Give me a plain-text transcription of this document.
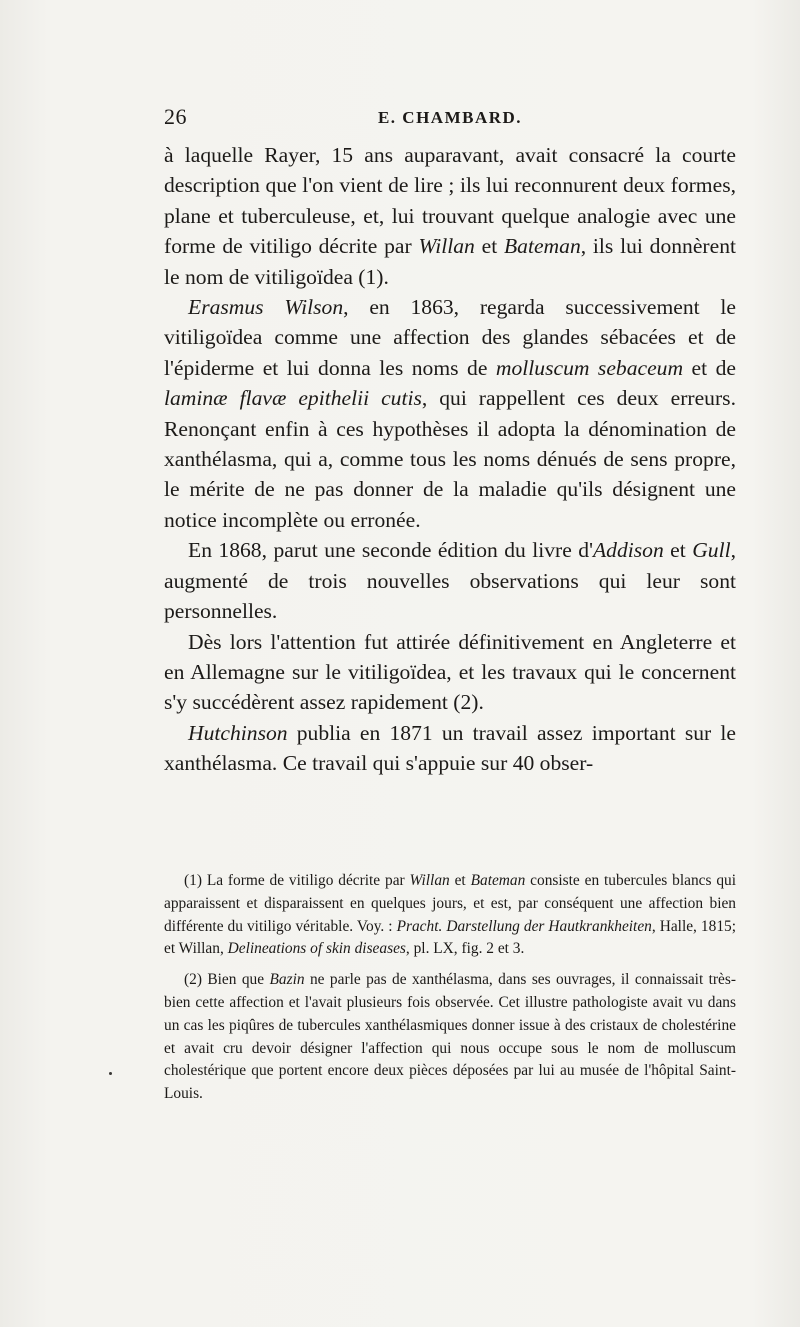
26	E. CHAMBARD.

à laquelle Rayer, 15 ans auparavant, avait consacré la courte description que l'on vient de lire ; ils lui reconnurent deux formes, plane et tuberculeuse, et, lui trouvant quelque analogie avec une forme de vitiligo décrite par Willan et Bateman, ils lui donnèrent le nom de vitiligoïdea (1).

Erasmus Wilson, en 1863, regarda successivement le vitiligoïdea comme une affection des glandes sébacées et de l'épiderme et lui donna les noms de molluscum sebaceum et de laminæ flavæ epithelii cutis, qui rappellent ces deux erreurs. Renonçant enfin à ces hypothèses il adopta la dénomination de xanthélasma, qui a, comme tous les noms dénués de sens propre, le mérite de ne pas donner de la maladie qu'ils désignent une notice incomplète ou erronée.

En 1868, parut une seconde édition du livre d'Addison et Gull, augmenté de trois nouvelles observations qui leur sont personnelles.

Dès lors l'attention fut attirée définitivement en Angleterre et en Allemagne sur le vitiligoïdea, et les travaux qui le concernent s'y succédèrent assez rapidement (2).

Hutchinson publia en 1871 un travail assez important sur le xanthélasma. Ce travail qui s'appuie sur 40 obser-

(1) La forme de vitiligo décrite par Willan et Bateman consiste en tubercules blancs qui apparaissent et disparaissent en quelques jours, et est, par conséquent une affection bien différente du vitiligo véritable. Voy. : Pracht. Darstellung der Hautkrankheiten, Halle, 1815; et Willan, Delineations of skin diseases, pl. LX, fig. 2 et 3.

(2) Bien que Bazin ne parle pas de xanthélasma, dans ses ouvrages, il connaissait très-bien cette affection et l'avait plusieurs fois observée. Cet illustre pathologiste avait vu dans un cas les piqûres de tubercules xanthélasmiques donner issue à des cristaux de cholestérine et avait cru devoir désigner l'affection qui nous occupe sous le nom de molluscum cholestérique que portent encore deux pièces déposées par lui au musée de l'hôpital Saint-Louis.
